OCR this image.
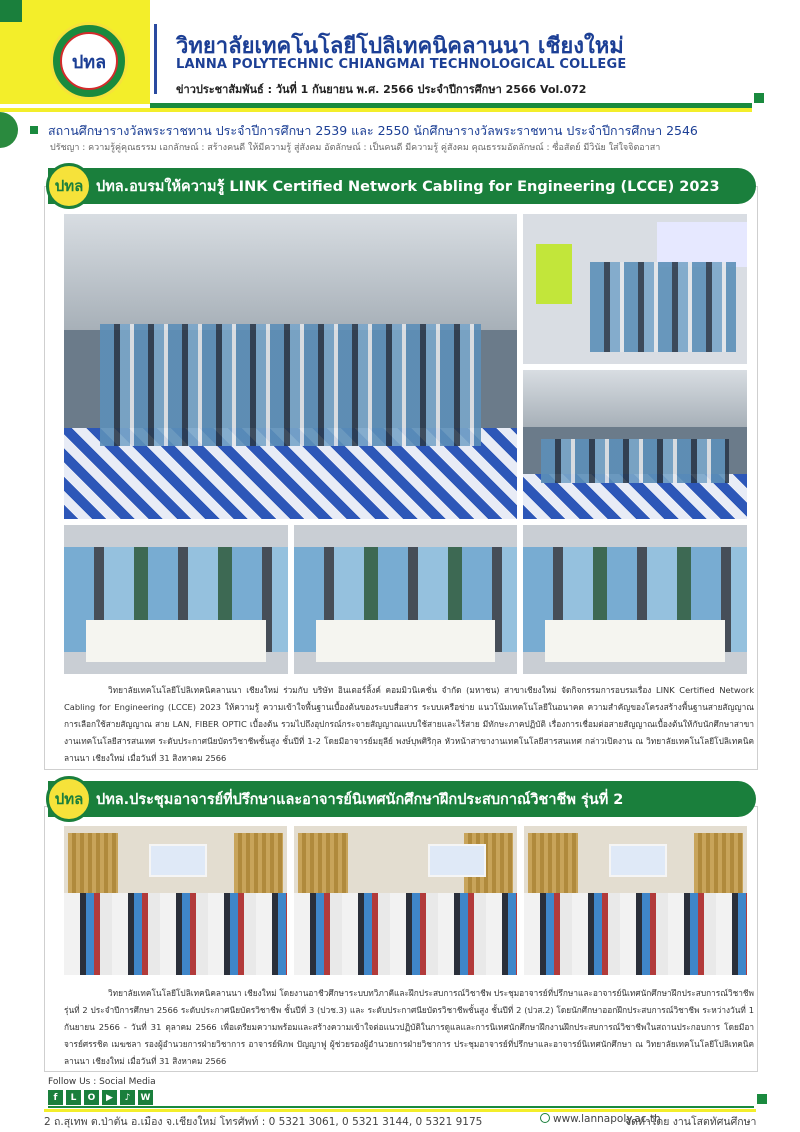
ปทล
วิทยาลัยเทคโนโลยีโปลิเทคนิคลานนา เชียงใหม่
LANNA POLYTECHNIC CHIANGMAI TECHNOLOGICAL COLLEGE
ข่าวประชาสัมพันธ์ : วันที่ 1 กันยายน พ.ศ. 2566 ประจำปีการศึกษา 2566 Vol.072
สถานศึกษารางวัลพระราชทาน ประจำปีการศึกษา 2539 และ 2550 นักศึกษารางวัลพระราชทาน ประจำปีการศึกษา 2546
ปรัชญา : ความรู้คู่คุณธรรม เอกลักษณ์ : สร้างคนดี ให้มีความรู้ สู่สังคม อัตลักษณ์ : เป็นคนดี มีความรู้ คู่สังคม คุณธรรมอัตลักษณ์ : ซื่อสัตย์ มีวินัย ใส่ใจจิตอาสา
ปทล.อบรมให้ความรู้ LINK Certified Network Cabling for Engineering (LCCE) 2023
ปทล

วิทยาลัยเทคโนโลยีโปลิเทคนิคลานนา เชียงใหม่ ร่วมกับ บริษัท อินเตอร์ลิ้งค์ คอมมิวนิเคชั่น จำกัด (มหาชน) สาขาเชียงใหม่ จัดกิจกรรมการอบรมเรื่อง LINK Certified Network Cabling for Engineering (LCCE) 2023 ให้ความรู้ ความเข้าใจพื้นฐานเบื้องต้นของระบบสื่อสาร ระบบเครือข่าย แนวโน้มเทคโนโลยีในอนาคต ความสำคัญของโครงสร้างพื้นฐานสายสัญญาณ การเลือกใช้สายสัญญาณ สาย LAN, FIBER OPTIC เบื้องต้น รวมไปถึงอุปกรณ์กระจายสัญญาณแบบใช้สายและไร้สาย มีทักษะภาคปฏิบัติ เรื่องการเชื่อมต่อสายสัญญาณเบื้องต้นให้กับนักศึกษาสาขางานเทคโนโลยีสารสนเทศ ระดับประกาศนียบัตรวิชาชีพชั้นสูง ชั้นปีที่ 1-2 โดยมีอาจารย์มยุลีย์ พงษ์บุพศิริกุล หัวหน้าสาขางานเทคโนโลยีสารสนเทศ กล่าวเปิดงาน ณ วิทยาลัยเทคโนโลยีโปลิเทคนิคลานนา เชียงใหม่ เมื่อวันที่ 31 สิงหาคม 2566

ปทล.ประชุมอาจารย์ที่ปรึกษาและอาจารย์นิเทศนักศึกษาฝึกประสบกาณ์วิชาชีพ รุ่นที่ 2
ปทล

วิทยาลัยเทคโนโลยีโปลิเทคนิคลานนา เชียงใหม่ โดยงานอาชีวศึกษาระบบทวิภาคีและฝึกประสบการณ์วิชาชีพ ประชุมอาจารย์ที่ปรึกษาและอาจารย์นิเทศนักศึกษาฝึกประสบการณ์วิชาชีพ รุ่นที่ 2 ประจำปีการศึกษา 2566 ระดับประกาศนียบัตรวิชาชีพ ชั้นปีที่ 3 (ปวช.3) และ ระดับประกาศนียบัตรวิชาชีพชั้นสูง ชั้นปีที่ 2 (ปวส.2) โดยนักศึกษาออกฝึกประสบการณ์วิชาชีพ ระหว่างวันที่ 1 กันยายน 2566 - วันที่ 31 ตุลาคม 2566 เพื่อเตรียมความพร้อมและสร้างความเข้าใจต่อแนวปฏิบัติในการดูแลและการนิเทศนักศึกษาฝึกงานฝึกประสบการณ์วิชาชีพในสถานประกอบการ โดยมีอาจารย์ศรรชิต เมฆชลา รองผู้อำนวยการฝ่ายวิชาการ อาจารย์พิภพ ปัญญาฟู ผู้ช่วยรองผู้อำนวยการฝ่ายวิชาการ ประชุมอาจารย์ที่ปรึกษาและอาจารย์นิเทศนักศึกษา ณ วิทยาลัยเทคโนโลยีโปลิเทคนิคลานนา เชียงใหม่ เมื่อวันที่ 31 สิงหาคม 2566

Follow Us : Social Media
f	L	O	▶	♪	W
2 ถ.สุเทพ ต.ป่าตัน อ.เมือง จ.เชียงใหม่ โทรศัพท์ : 0 5321 3061, 0 5321 3144, 0 5321 9175	www.lannapoly.ac.th
จัดทำโดย งานโสตทัศนศึกษา
